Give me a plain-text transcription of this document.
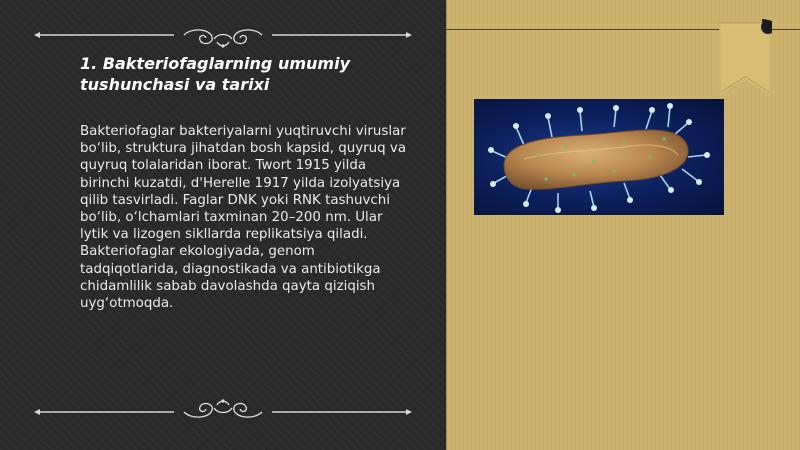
1. Bakteriofaglarning umumiy tushunchasi va tarixi

Bakteriofaglar bakteriyalarni yuqtiruvchi viruslar bo‘lib, struktura jihatdan bosh kapsid, quyruq va quyruq tolalaridan iborat. Twort 1915 yilda birinchi kuzatdi, d'Herelle 1917 yilda izolyatsiya qilib tasvirladi. Faglar DNK yoki RNK tashuvchi bo‘lib, o‘lchamlari taxminan 20–200 nm. Ular lytik va lizogen sikllarda replikatsiya qiladi. Bakteriofaglar ekologiyada, genom tadqiqotlarida, diagnostikada va antibiotikga chidamlilik sabab davolashda qayta qiziqish uyg‘otmoqda.
